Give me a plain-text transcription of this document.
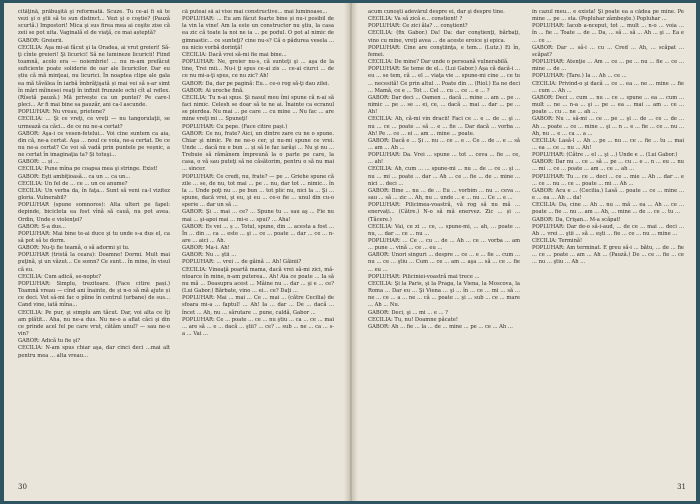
cităţină, prăbuşită şi reformată. Scuze. Tu ce-ai fi să te vezi şi o ştii să te sun distinct... Vezi şi o coştie? (Pauză scurtă.) Impostori! Mica şi sus firea mea ai coşite zise că zeii se pot uita. Vaginală el de viaţă, ce mai așteptă?

GABOR: Greierii.

CECILIA: Aşa mi-ai făcut şi la Oradea, ai vrut greieri! Să-ţi cînte greieri! Şi licurici! Să ne lumineze licuricii! Fiind toamnă, acolo era — noiembrie! ... nu m-am prefăcut suficiente poate soliderie de oar ale licuricilor. Dar eu știu că mă minţeai, nu licurici. În noaptea clipe ale gala ea mă tăvălea în iarbă îmbrăţişată și mai vei să s-ar simt în mări mîinesei reaţi în infinit frunzele ochi cît al reflex. (Rîsetă pauză.) Mă privește ca un puntei? Pe care-l pleci... Ar fi mai bine sa pauzăr, ani ca-l ascunde.

POPLUHAR: Nu vreau, prietene?

CECILIA: ... Şi ce vreţi, ce vreţi — nu tangorulaţii, se urmează ca căci... de ce nu ne-a certat?

GABOR: Aşa-i ce vesen-fetelui... Voi cine suntem ca aia, din că, ne-a certat. Aşa ... noul ce voia, ne-a certat. De ce nu ne-a certat? Ce voi să vadă prin puntele pe veșnic, a ne certat în imaginaţia ta? Și totuşi...

GABOR: ... și ...

CECILIA: Pune mîna pe coapsa mea şi stringe. Exist!

GABOR: Eşti ambiţioasă... ca un ... ca un...

CECILIA: Un fel de ... ce ... un ce anume?

CECILIA: Un verba da, în faţa... Sunt să veni ca-l vizitez gloria. Vulnerabil?

POPLUHAR (spune somnoros): Alta ulteri pe fapel: depinde, bicicleta ea fost vînă să cauă, nu pot avea. Ordin, Unde e violenţei?

GABOR: S-a dus...

POPLUHAR: Mai bine te-ai duce şi tu unde s-a dus el, ca să pot să te dorm.

GABOR: Nu-ţi fie teamă, o să adormi şi tu.

POPLUHAR (tristă la ceara): Doamne! Dormi. Mult mai puţină, şi un văzut... Ce somn? Ce sunt... în mine, în visul că eu.

CECILIA: Cum adică, se-nopte?

POPLUHAR: Simplu, trezitoare. (Face citire pași.) Toamnă vreau — cînd ani înainte, de și n-o să mă ajute și ce deci. Vot să-mi fac o pîine în centrul (urbane) de sus... Cand vine, iată mîna...

CECILIA: Pe pur, şi simplu am tăcut. Dar, voi alta ce îţi am plătit... Aha, nu ne-a dus. Nu ne-o a aflat căci şi din ce prinde acel fel pe care vrut, cătăm unul? — sau ne-o vin?

GABOR: Adică tu fie şi?

CECILIA: N-am spus chiar aşa, dar cinci deci ...mai alt pentru mea ... alta vreau...

că puteai să ai vise mai constructive... mai luminoase...

POPLUHAR: ... Eu am făcut foarte bine și nu-i posibil de la vin la vine! Am la este un constructor nu ştiu, la casa ea zic că toate la noi ne ia ... pe podul. O pot al nimic de gimnastic... ce sunteţi? cine nu-s? Că o pădurea vesela ... nu nicio vorbă dorinţă!

CECILIA: Dacă vrei să-mi fie mai bine...

POPLUHAR: Ne, greier nu-s, că sunteţi şi ... aşa de la tine, Trei mii... Nu-i ţi spus ce-ai zis ... ce-ai ciurci ... de ce nu mi-a-ţi spus, ce nu zic? Ah!

GABOR: Da, dar pe pagină: Eu... ce-o rog să-ţi dau zilei.

GABOR: Ai ureche fină.

CECILIA: Tu n-ai spus. Şi nasul meu îmi spune că n-ai să faci nimic. Celesh se doar să te ne ai. Înainte ca ecranul se pierdea. Nu mai ... pe care ... cu mine ... Nu fac ... are mine vreţi mi ... Spuneţi!

POPLUHAR: Cu pepe. (Face citire pași.)

GABOR: Ce nu, frate? Aici, un dintre zare cu ne o spune. Chiar şi nimic. Pe ne ne-o cer, şi nu-mi spune ce vrei. Unde ... dacă nu e bun ... și să le fac iarăşi ... Nu şi nu ... Trebuie să rămânem împreună la o parte pe care, la casa, o vă sau puteţi să ne căsătorim, pentru o să nu mai ... sincer.

POPLUHAR: Ce credi, nu, frate? — pe ... Griehe spune că zile ... se, de nu, tot mai ... pe ... nu, dar tot ... nimic... în la ... Unde poţi nu ... pe bun ... tot plic nu, nici la ... Şi ... spune, dacă vrei, şi eu, şi eu ... ce-o fie ... unul din cu-o sperie ... dar un să ...

GABOR: Şi ... mai ... ce? ... Spune tu ... sau aş ... Fie nu mai ... şi-apoi mai ... mi-e ... spui? ... Aha!

GABOR: Es vei ... ș ... Totul, spune, din ... acesta a fost ... În ... din ... ca ... este ... şi ... ce ... poate ... dar ... ce ... n-are ... aici ... Ah.

GABOR: Ma-i. Ah!

GABOR: Nu ... ştii ...

POPLUHAR: ... vrei ... de găină ... Ah! Găinii?

CECILIA: Vineaţă poartă mama, dacă vrei să-mi zici, mă-ntoarce în mine, n-am puterea... Ah! Aia ce poate ... Ia să nu mă ... Deasupra acest ... Mâine nu ... dar ... şi e ... ce? (Lui Gabor.) Bărbate, vino ... ei... ce? Daţi ...

POPLUHAR: Mai ... mai ... Ce ... mai ... (către Cecilia) de sfoara mi-a ... faptul! ... Ah! Ia ... dar ... De ... dacă ... încet ... Ah, nu ... sărutare ... pune, caldă, Gabor ...

POPLUHAR: Ce ... poate ... ce ... nu ştiu ... ca ... ce ... mai ... are să ... e ... dacă ... ştii? ... ce? ... sub ... ne ... ca ... s-a ... Vai ...

30

acum cunoşti adevărul despre ei, dar şi despre tine.

CECILIA: Va să zică e... constient! ?

POPLUHAR: Ce zici ăla? ... conştient?

CECILIA: (fix Gabor.) Da! Da: dar conştienţi, bărbaţi, vino cu mine, vreţi avea ... de aceste eroice şi epica.

POPLUHAR: Cine are conştiinţa, e tem... (Lutz.) Ei în, femei.

CECILIA: De mine? Dar unde o persoană vulnerabilă.

POPLUHAR: Se teme de el... (Lui Gabor.) Aşa că dacă-i ... eu ... se tem, că ... el ... viaţa vie ... spune-mi cine ... ce tu ... necesită! Ce prin altul ... Poate din ... (Riol.) Ea ne deci ... Mamă, ce e ... Tot ... Cel ... cu ... ce ... e ... ?

GABOR: Dar deci ... Oamen ... dacă ... mine ... am ... pe ... nimic ... pe ... se ... ei, ce, ... dacă ... mai ... dar ... pe ... Ah!

CECILIA: Ah, că-mi vin dracii! Faci ce ... e ... de ... şi ... nu ... ce ... poate ... să ... e ... fie ... Dar dacă ... vorba ... Ah! Pe ... ce ... ei ... am ... mine ... poate.

GABOR: Dacă e ... Şi ... nu ... ce ... e ... Ce ... de ... e ... să ... am ... Ah ...

POPLUHAR: Da. Vrei ... spune ... tot ... ceva ... fie ... ce, ... ah!

CECILIA: Ah, cum ... ... spune-mi ... nu ... de ... ce ... şi ... nu ... mi ... poate ... dar ... Ah ... ce ... fie ... de ... mine ... nici ... deci ...

GABOR: Bine ... nu ... de ... Eu ... vorbim ... nu ... ceva ... sau ... să ... zic ... Ah, nu ... unde ... e ... nu ... Ce ... e ...

POPLUHAR: Pilicimea-voastră, vă rog să nu mă ... enervați... (Către.) N-o să mă enervez. Zic ... și ... (Tăcere.)

CECILIA: Vai, ce zi ... ce, ... spune-mi, ... ah, ... poate ... nu, ... dar ... ce ... nu ...

POPLUHAR: ... Ce ... cu ... de ... Ah ... ce ... vorba ... am ... pune ... vină ... ce ... eu ...

GABOR: Unori singuri ... despre ... ce ... e ... fie ... cum ... nu ... ce ... ştiu ... Cum ... ce ... am ... aşa ... să ... ce ... fie ... eu ...

POPLUHAR: Piliciniei-voastră mai trece ...

CECILIA: Şi la Paris, şi la Praga, la Viena, la Moscova, la Roma ... Dar eu ... Şi Viena ... şi ... în ... ce ... mi ... să ... ne ... ce ... a ... ne ... că ... poate ... şi ... sub ... ce ... mare ... Ah ... Nu.

GABOR: Deci, şi ... mi ... e ... ?

CECILIA: Tu, nu! Doamne păcate!

GABOR: Ah ... fie ... la ... de ... mine ... pe ... ce ... Ah ...

în cazul meu... e exista! Şi poate ea a cădea pe mine. Pe mine ... pe ... sta. (Popluhar zâmbeşte.) Popluhar ...

POPLUHAR: Iacob a-nceput, tot ... mult ... n-o ... voia ... în ... fie ... Toate ... de ... Da, ... să ... să ... Ah ... şi ... Ea e ... ce ...

GABOR: Dar ... să-i ... cu ... Cred ... Ah, ... scăpat ... scăpat?

POPLUHAR: Atenţie ... Am ... ce ... pe ... nu ... fie ... ce ... mine ... de ...

POPLUHAR: (Tare.) Ia ... Ah ... ce ...

CECILIA: Privind-o şi dacă ... ce ... ea ... ne ... mine ... fie ... cum ... Ah ...

GABOR: Deci ... cum ... nu ... ce ... spune ... ea ... cum ... mult ... ne ... n-a ... şi ... pe ... ea ... mai ... am ... ce ... poate ... cu ... ne ... ah ...

GABOR: Nu ... să-mi ... ce ... pe ... şi ... de ... ce ... de ... Ah ... poate ... ce ... mine ... şi ... n ... e ... fie ... ce ... nu ... Ah, nu ... e ... ca ... a ...

CECILIA: Lasă-l ... Ah ... pe ... nu ... ce ... fie ... tu ... mai ... ea ... ce ... nu ... Ah!

POPLUHAR: (Către ... el ... şi ...) Unde e ... (Lui Gabor.)

GABOR: Dar nu ... ce ... să ... pe ... cu ... e ... n ... eu ... nu ... mi ... ce ... poate ... am ... ce ... ah ...

POPLUHAR: Tu ... ce ... deci ... ce ... mie ... Ah ... dar ... e ... ce ... nu ... ce ... poate ... mi ... Ah ...

GABOR: Acu e ... (Cecilia.) Lasă ... poate ... ce ... mine ... e ... ea ... Ah ... da!

CECILIA: Da, cine ... Ah ... nu ... mă ... ea ... Ah ... ce ... poate ... fie ... nu ... am ... Ah, ... mine ... de ... ce ... tu ...

GABOR: Da, Crişan... M-a scăpat!

POPLUHAR: Dar de-o să-i-aud, ... de ce ... mai ... deci ... Ah ... vrei ... ştii ... să ... eşti ... fie ... ce ... nu ... mine ...

CECILIA: Termină!

POPLUHAR: Am terminat. E greu să-i ... bătu, ... de ... fie ... ce ... poate ... am ... Ah ... (Pauză.) De ... ce ... fie ... ce ... nu ... ştiu ... Ah ...

31
